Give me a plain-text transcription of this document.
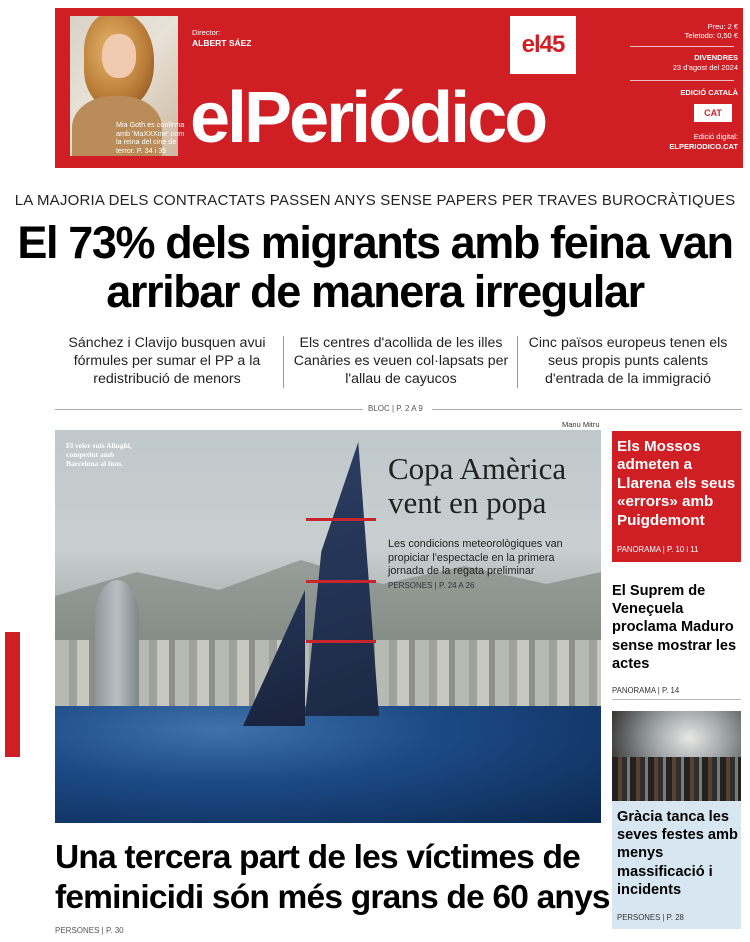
Mia Goth es confirma amb 'MaXXXine' com la reina del cine de terror. P. 34 i 35
Director:
ALBERT SÁEZ
elPeriódico
el45
Preu: 2 €
Teletodo: 0,50 €
DIVENDRES
23 d'agost del 2024
EDICIÓ CATALÀ
CAT
Edició digital:
ELPERIODICO.CAT
LA MAJORIA DELS CONTRACTATS PASSEN ANYS SENSE PAPERS PER TRAVES BUROCRÀTIQUES
El 73% dels migrants amb feina van arribar de manera irregular
Sánchez i Clavijo busquen avui fórmules per sumar el PP a la redistribució de menors
Els centres d'acollida de les illes Canàries es veuen col·lapsats per l'allau de cayucos
Cinc països europeus tenen els seus propis punts calents d'entrada de la immigració
BLOC | P. 2 A 9
Manu Mitru
El veler suís Alinghi, competint amb Barcelona al fons.	Copa Amèrica vent en popa
Les condicions meteorològiques van propiciar l'espectacle en la primera jornada de la regata preliminar
PERSONES | P. 24 A 26
Una tercera part de les víctimes de feminicidi són més grans de 60 anys
PERSONES | P. 30
Els Mossos admeten a Llarena els seus «errors» amb Puigdemont
PANORAMA | P. 10 i 11
El Suprem de Veneçuela proclama Maduro sense mostrar les actes
PANORAMA | P. 14
Gràcia tanca les seves festes amb menys massificació i incidents
PERSONES | P. 28
